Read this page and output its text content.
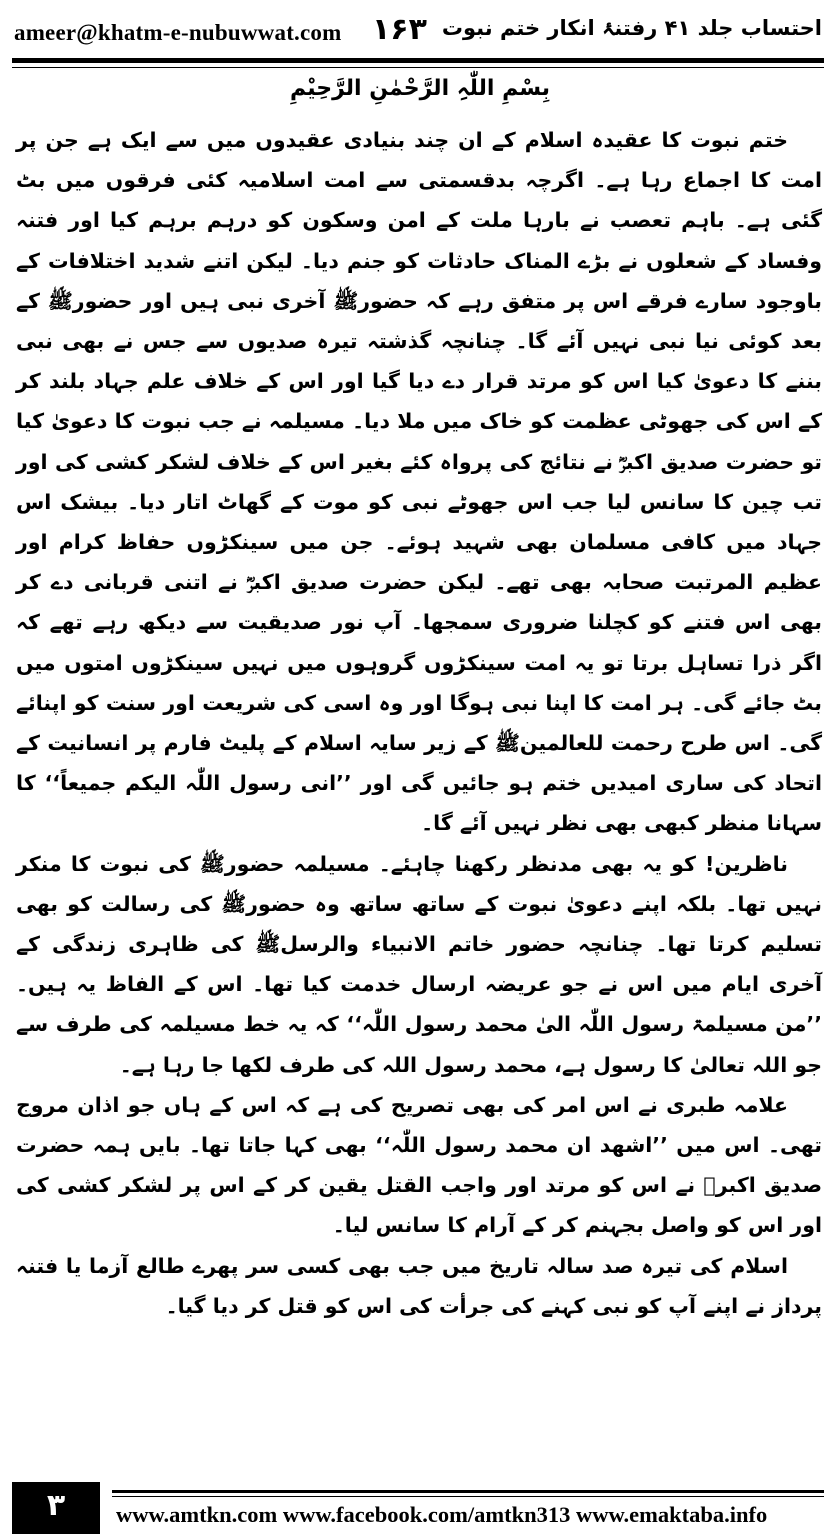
ameer@khatm-e-nubuwwat.com ۱۶۳ احتساب جلد ۴۱ رفتنۂ انکار ختم نبوت
بِسْمِ اللّٰہِ الرَّحْمٰنِ الرَّحِیْمِ

ختم نبوت کا عقیدہ اسلام کے ان چند بنیادی عقیدوں میں سے ایک ہے جن پر امت کا اجماع رہا ہے۔ اگرچہ بدقسمتی سے امت اسلامیہ کئی فرقوں میں بٹ گئی ہے۔ باہم تعصب نے بارہا ملت کے امن وسکون کو درہم برہم کیا اور فتنہ وفساد کے شعلوں نے بڑے المناک حادثات کو جنم دیا۔ لیکن اتنے شدید اختلافات کے باوجود سارے فرقے اس پر متفق رہے کہ حضورﷺ آخری نبی ہیں اور حضورﷺ کے بعد کوئی نیا نبی نہیں آئے گا۔ چنانچہ گذشتہ تیرہ صدیوں سے جس نے بھی نبی بننے کا دعویٰ کیا اس کو مرتد قرار دے دیا گیا اور اس کے خلاف علم جہاد بلند کر کے اس کی جھوٹی عظمت کو خاک میں ملا دیا۔ مسیلمہ نے جب نبوت کا دعویٰ کیا تو حضرت صدیق اکبرؓ نے نتائج کی پرواہ کئے بغیر اس کے خلاف لشکر کشی کی اور تب چین کا سانس لیا جب اس جھوٹے نبی کو موت کے گھاٹ اتار دیا۔ بیشک اس جہاد میں کافی مسلمان بھی شہید ہوئے۔ جن میں سینکڑوں حفاظ کرام اور عظیم المرتبت صحابہ بھی تھے۔ لیکن حضرت صدیق اکبرؓ نے اتنی قربانی دے کر بھی اس فتنے کو کچلنا ضروری سمجھا۔ آپ نور صدیقیت سے دیکھ رہے تھے کہ اگر ذرا تساہل برتا تو یہ امت سینکڑوں گروہوں میں نہیں سینکڑوں امتوں میں بٹ جائے گی۔ ہر امت کا اپنا نبی ہوگا اور وہ اسی کی شریعت اور سنت کو اپنائے گی۔ اس طرح رحمت للعالمینﷺ کے زیر سایہ اسلام کے پلیٹ فارم پر انسانیت کے اتحاد کی ساری امیدیں ختم ہو جائیں گی اور ’’انی رسول اللّٰہ الیکم جمیعاً‘‘ کا سہانا منظر کبھی بھی نظر نہیں آئے گا۔

ناظرین! کو یہ بھی مدنظر رکھنا چاہئے۔ مسیلمہ حضورﷺ کی نبوت کا منکر نہیں تھا۔ بلکہ اپنے دعویٰ نبوت کے ساتھ ساتھ وہ حضورﷺ کی رسالت کو بھی تسلیم کرتا تھا۔ چنانچہ حضور خاتم الانبیاء والرسلﷺ کی ظاہری زندگی کے آخری ایام میں اس نے جو عریضہ ارسال خدمت کیا تھا۔ اس کے الفاظ یہ ہیں۔ ’’من مسیلمۃ رسول اللّٰہ الیٰ محمد رسول اللّٰہ‘‘ کہ یہ خط مسیلمہ کی طرف سے جو اللہ تعالیٰ کا رسول ہے، محمد رسول اللہ کی طرف لکھا جا رہا ہے۔

علامہ طبری نے اس امر کی بھی تصریح کی ہے کہ اس کے ہاں جو اذان مروج تھی۔ اس میں ’’اشھد ان محمد رسول اللّٰہ‘‘ بھی کہا جاتا تھا۔ بایں ہمہ حضرت صدیق اکبرؓ نے اس کو مرتد اور واجب القتل یقین کر کے اس پر لشکر کشی کی اور اس کو واصل بجہنم کر کے آرام کا سانس لیا۔

اسلام کی تیرہ صد سالہ تاریخ میں جب بھی کسی سر پھرے طالع آزما یا فتنہ پرداز نے اپنے آپ کو نبی کہنے کی جرأت کی اس کو قتل کر دیا گیا۔

۳	www.amtkn.com www.facebook.com/amtkn313 www.emaktaba.info
